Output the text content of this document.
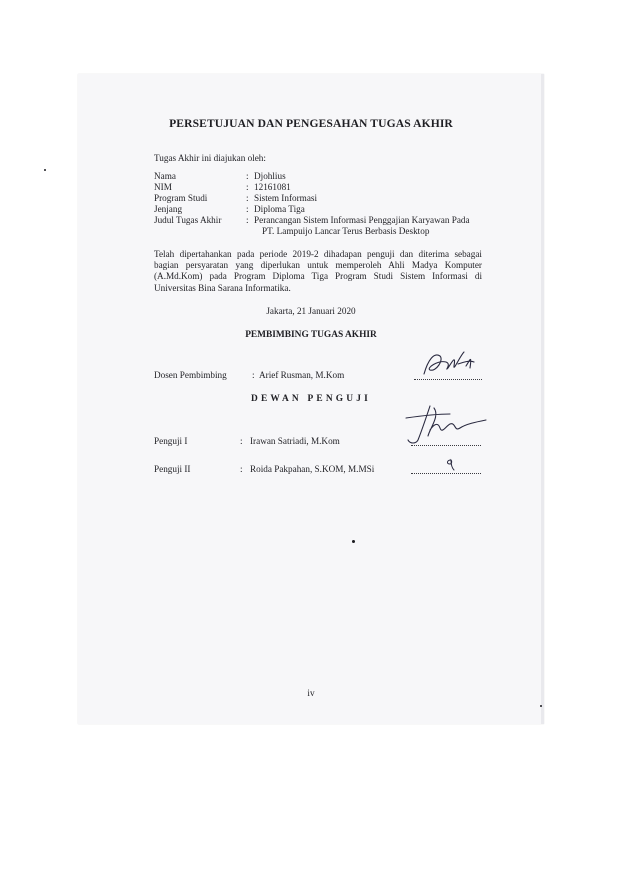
PERSETUJUAN DAN PENGESAHAN TUGAS AKHIR
Tugas Akhir ini diajukan oleh:
Nama	: Djohlius
NIM	: 12161081
Program Studi	: Sistem Informasi
Jenjang	: Diploma Tiga
Judul Tugas Akhir	: Perancangan Sistem Informasi Penggajian Karyawan Pada
PT. Lampuijo Lancar Terus Berbasis Desktop
Telah dipertahankan pada periode 2019-2 dihadapan penguji dan diterima sebagai
bagian persyaratan yang diperlukan untuk memperoleh Ahli Madya Komputer
(A.Md.Kom) pada Program Diploma Tiga Program Studi Sistem Informasi di
Universitas Bina Sarana Informatika.
Jakarta, 21 Januari 2020
PEMBIMBING TUGAS AKHIR
Dosen Pembimbing	: Arief Rusman, M.Kom
DEWAN PENGUJI
Penguji I	: Irawan Satriadi, M.Kom
Penguji II	: Roida Pakpahan, S.KOM, M.MSi
iv
